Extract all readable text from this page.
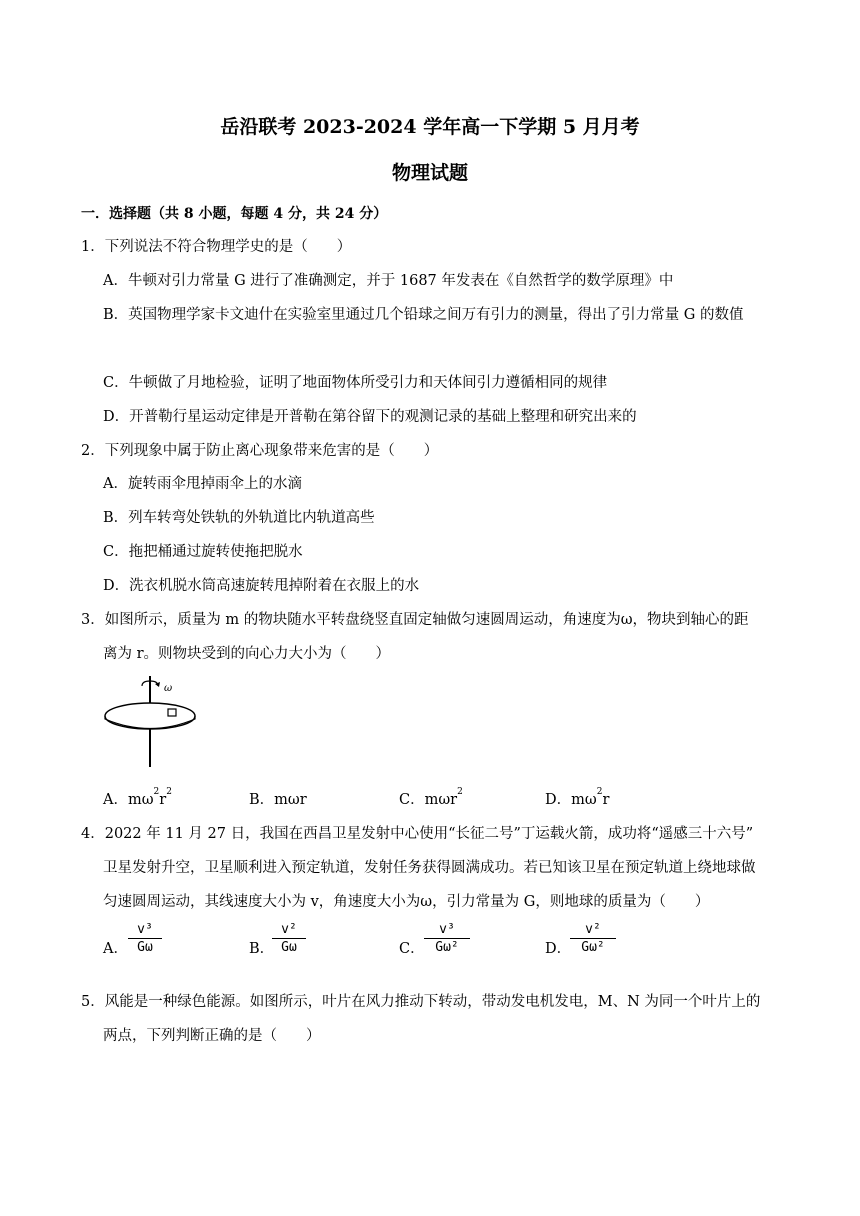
岳沿联考 2023-2024 学年高一下学期 5 月月考
物理试题
一．选择题（共 8 小题，每题 4 分，共 24 分）
1．下列说法不符合物理学史的是（　　）
A．牛顿对引力常量 G 进行了准确测定，并于 1687 年发表在《自然哲学的数学原理》中
B．英国物理学家卡文迪什在实验室里通过几个铅球之间万有引力的测量，得出了引力常量 G 的数值
C．牛顿做了月地检验，证明了地面物体所受引力和天体间引力遵循相同的规律
D．开普勒行星运动定律是开普勒在第谷留下的观测记录的基础上整理和研究出来的
2．下列现象中属于防止离心现象带来危害的是（　　）
A．旋转雨伞甩掉雨伞上的水滴
B．列车转弯处铁轨的外轨道比内轨道高些
C．拖把桶通过旋转使拖把脱水
D．洗衣机脱水筒高速旋转甩掉附着在衣服上的水
3．如图所示，质量为 m 的物块随水平转盘绕竖直固定轴做匀速圆周运动，角速度为ω，物块到轴心的距
离为 r。则物块受到的向心力大小为（　　）
ω
A．$m\omega^2r^2$	B．mωr	C．mωr$^2$	D．$m\omega^2r$
4．2022 年 11 月 27 日，我国在西昌卫星发射中心使用“长征二号”丁运载火箭，成功将“遥感三十六号”
卫星发射升空，卫星顺利进入预定轨道，发射任务获得圆满成功。若已知该卫星在预定轨道上绕地球做
匀速圆周运动，其线速度大小为 v，角速度大小为ω，引力常量为 G，则地球的质量为（　　）
A．
v³
Gω	B．
v²
Gω	C．
v³
Gω²	D．
v²
Gω²
5．风能是一种绿色能源。如图所示，叶片在风力推动下转动，带动发电机发电，M、N 为同一个叶片上的
两点，下列判断正确的是（　　）
